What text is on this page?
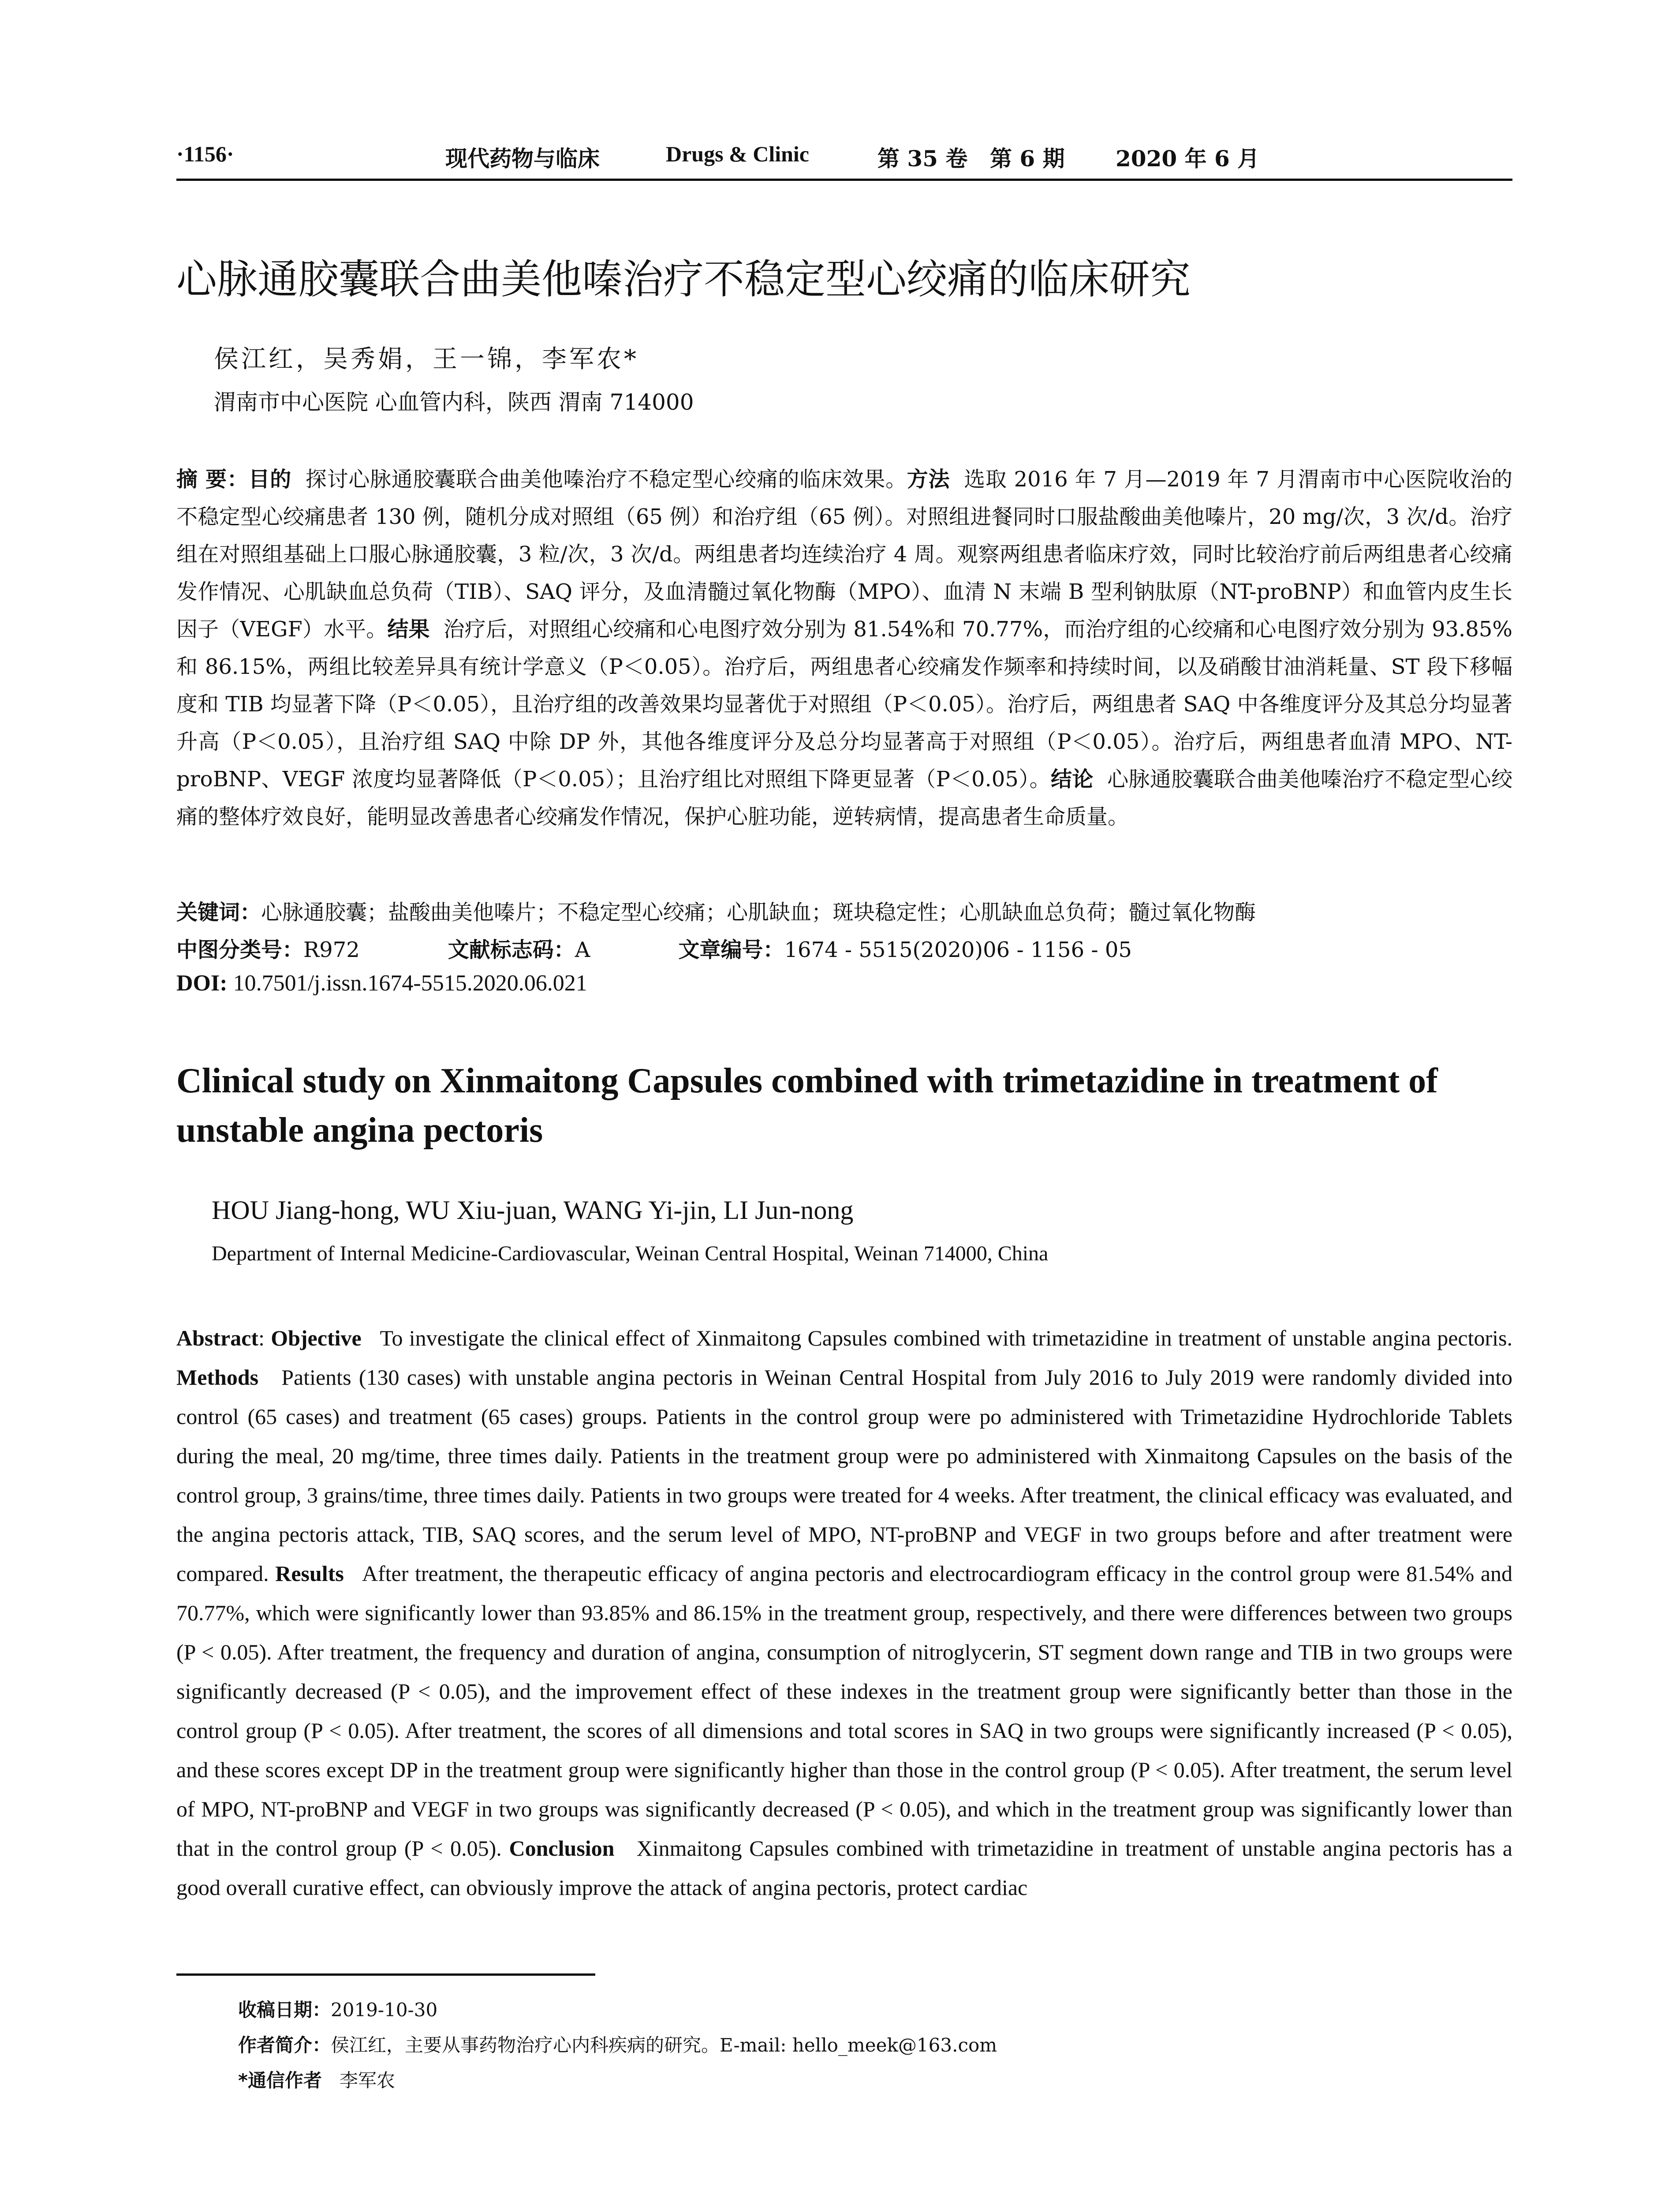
·1156·	现代药物与临床	Drugs & Clinic	第 35 卷 第 6 期 2020 年 6 月
心脉通胶囊联合曲美他嗪治疗不稳定型心绞痛的临床研究
侯江红，吴秀娟，王一锦，李军农*
渭南市中心医院 心血管内科，陕西 渭南 714000
摘 要：目的 探讨心脉通胶囊联合曲美他嗪治疗不稳定型心绞痛的临床效果。方法 选取 2016 年 7 月—2019 年 7 月渭南市中心医院收治的不稳定型心绞痛患者 130 例，随机分成对照组（65 例）和治疗组（65 例）。对照组进餐同时口服盐酸曲美他嗪片，20 mg/次，3 次/d。治疗组在对照组基础上口服心脉通胶囊，3 粒/次，3 次/d。两组患者均连续治疗 4 周。观察两组患者临床疗效，同时比较治疗前后两组患者心绞痛发作情况、心肌缺血总负荷（TIB）、SAQ 评分，及血清髓过氧化物酶（MPO）、血清 N 末端 B 型利钠肽原（NT-proBNP）和血管内皮生长因子（VEGF）水平。结果 治疗后，对照组心绞痛和心电图疗效分别为 81.54%和 70.77%，而治疗组的心绞痛和心电图疗效分别为 93.85%和 86.15%，两组比较差异具有统计学意义（P＜0.05）。治疗后，两组患者心绞痛发作频率和持续时间，以及硝酸甘油消耗量、ST 段下移幅度和 TIB 均显著下降（P＜0.05），且治疗组的改善效果均显著优于对照组（P＜0.05）。治疗后，两组患者 SAQ 中各维度评分及其总分均显著升高（P＜0.05），且治疗组 SAQ 中除 DP 外，其他各维度评分及总分均显著高于对照组（P＜0.05）。治疗后，两组患者血清 MPO、NT-proBNP、VEGF 浓度均显著降低（P＜0.05）；且治疗组比对照组下降更显著（P＜0.05）。结论 心脉通胶囊联合曲美他嗪治疗不稳定型心绞痛的整体疗效良好，能明显改善患者心绞痛发作情况，保护心脏功能，逆转病情，提高患者生命质量。
关键词：心脉通胶囊；盐酸曲美他嗪片；不稳定型心绞痛；心肌缺血；斑块稳定性；心肌缺血总负荷；髓过氧化物酶
中图分类号：R972	文献标志码：A	文章编号：1674 - 5515(2020)06 - 1156 - 05
DOI: 10.7501/j.issn.1674-5515.2020.06.021
Clinical study on Xinmaitong Capsules combined with trimetazidine in treatment of unstable angina pectoris
HOU Jiang-hong, WU Xiu-juan, WANG Yi-jin, LI Jun-nong
Department of Internal Medicine-Cardiovascular, Weinan Central Hospital, Weinan 714000, China
Abstract: Objective To investigate the clinical effect of Xinmaitong Capsules combined with trimetazidine in treatment of unstable angina pectoris. Methods Patients (130 cases) with unstable angina pectoris in Weinan Central Hospital from July 2016 to July 2019 were randomly divided into control (65 cases) and treatment (65 cases) groups. Patients in the control group were po administered with Trimetazidine Hydrochloride Tablets during the meal, 20 mg/time, three times daily. Patients in the treatment group were po administered with Xinmaitong Capsules on the basis of the control group, 3 grains/time, three times daily. Patients in two groups were treated for 4 weeks. After treatment, the clinical efficacy was evaluated, and the angina pectoris attack, TIB, SAQ scores, and the serum level of MPO, NT-proBNP and VEGF in two groups before and after treatment were compared. Results After treatment, the therapeutic efficacy of angina pectoris and electrocardiogram efficacy in the control group were 81.54% and 70.77%, which were significantly lower than 93.85% and 86.15% in the treatment group, respectively, and there were differences between two groups (P < 0.05). After treatment, the frequency and duration of angina, consumption of nitroglycerin, ST segment down range and TIB in two groups were significantly decreased (P < 0.05), and the improvement effect of these indexes in the treatment group were significantly better than those in the control group (P < 0.05). After treatment, the scores of all dimensions and total scores in SAQ in two groups were significantly increased (P < 0.05), and these scores except DP in the treatment group were significantly higher than those in the control group (P < 0.05). After treatment, the serum level of MPO, NT-proBNP and VEGF in two groups was significantly decreased (P < 0.05), and which in the treatment group was significantly lower than that in the control group (P < 0.05). Conclusion Xinmaitong Capsules combined with trimetazidine in treatment of unstable angina pectoris has a good overall curative effect, can obviously improve the attack of angina pectoris, protect cardiac
收稿日期：2019-10-30
作者简介：侯江红，主要从事药物治疗心内科疾病的研究。E-mail: hello_meek@163.com
*通信作者 李军农
